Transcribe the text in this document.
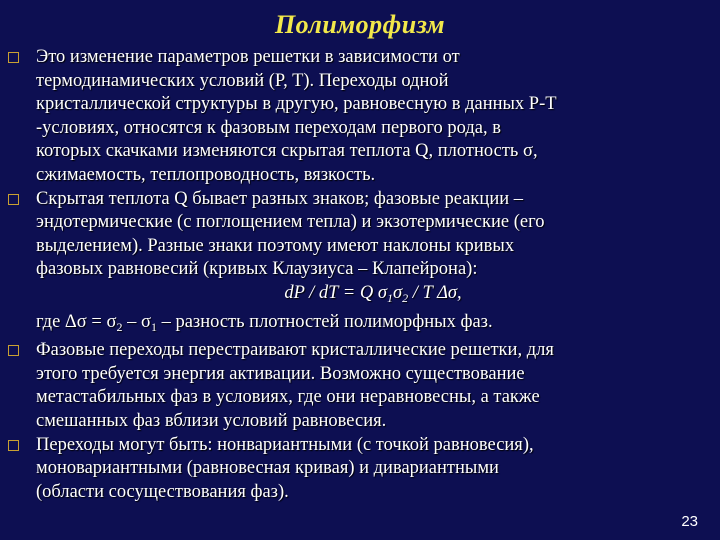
Полиморфизм
Это изменение параметров решетки в зависимости от
термодинамических условий (P, T). Переходы одной
кристаллической структуры в другую, равновесную в данных P-T
-условиях, относятся к фазовым переходам первого рода, в
которых скачками изменяются скрытая теплота Q, плотность σ,
сжимаемость, теплопроводность, вязкость.
Скрытая теплота Q бывает разных знаков; фазовые реакции –
эндотермические (с поглощением тепла) и экзотермические (его
выделением). Разные знаки поэтому имеют наклоны кривых
фазовых равновесий (кривых Клаузиуса – Клапейрона):
dP / dT = Q $\sigma_1\sigma_2$ / T Δσ,
где $\Delta\sigma = \sigma_2 - \sigma_1$ – разность плотностей полиморфных фаз.
Фазовые переходы перестраивают кристаллические решетки, для
этого требуется энергия активации. Возможно существование
метастабильных фаз в условиях, где они неравновесны, а также
смешанных фаз вблизи условий равновесия.
Переходы могут быть: нонвариантными (с точкой равновесия),
моновариантными (равновесная кривая) и дивариантными
(области сосуществования фаз).
23
